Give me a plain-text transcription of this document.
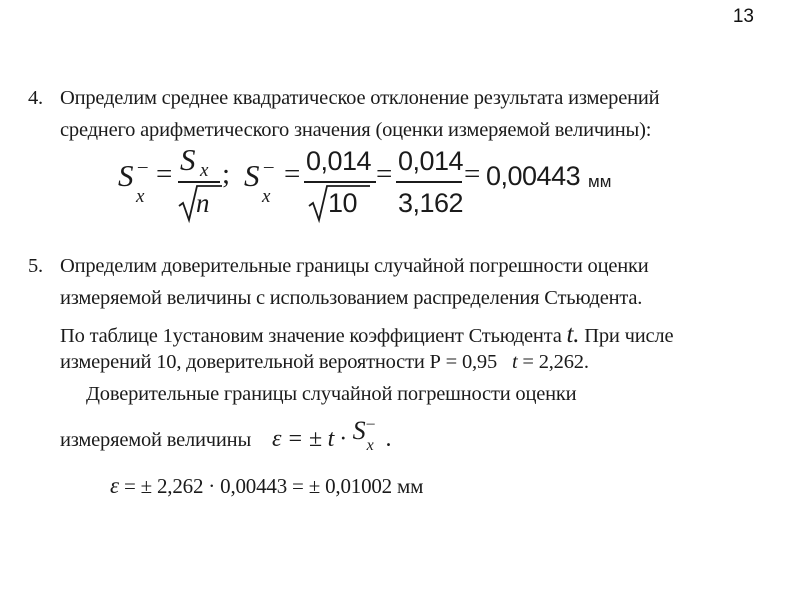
13
4. Определим среднее квадратическое отклонение результата измерений
среднего арифметического значения (оценки измеряемой величины):
S –
x
= S x
n
; S –
x
= 0,014
10
= 0,014
3,162
= 0,00443 мм
5. Определим доверительные границы случайной погрешности оценки
измеряемой величины с использованием распределения Стьюдента.
По таблице 1установим значение коэффициент Стьюдента t. При числе
измерений 10, доверительной вероятности Р = 0,95 t = 2,262.
Доверительные границы случайной погрешности оценки
измеряемой величины ε = ± t · S –
x .
ε = ± 2,262 · 0,00443 = ± 0,01002 мм
